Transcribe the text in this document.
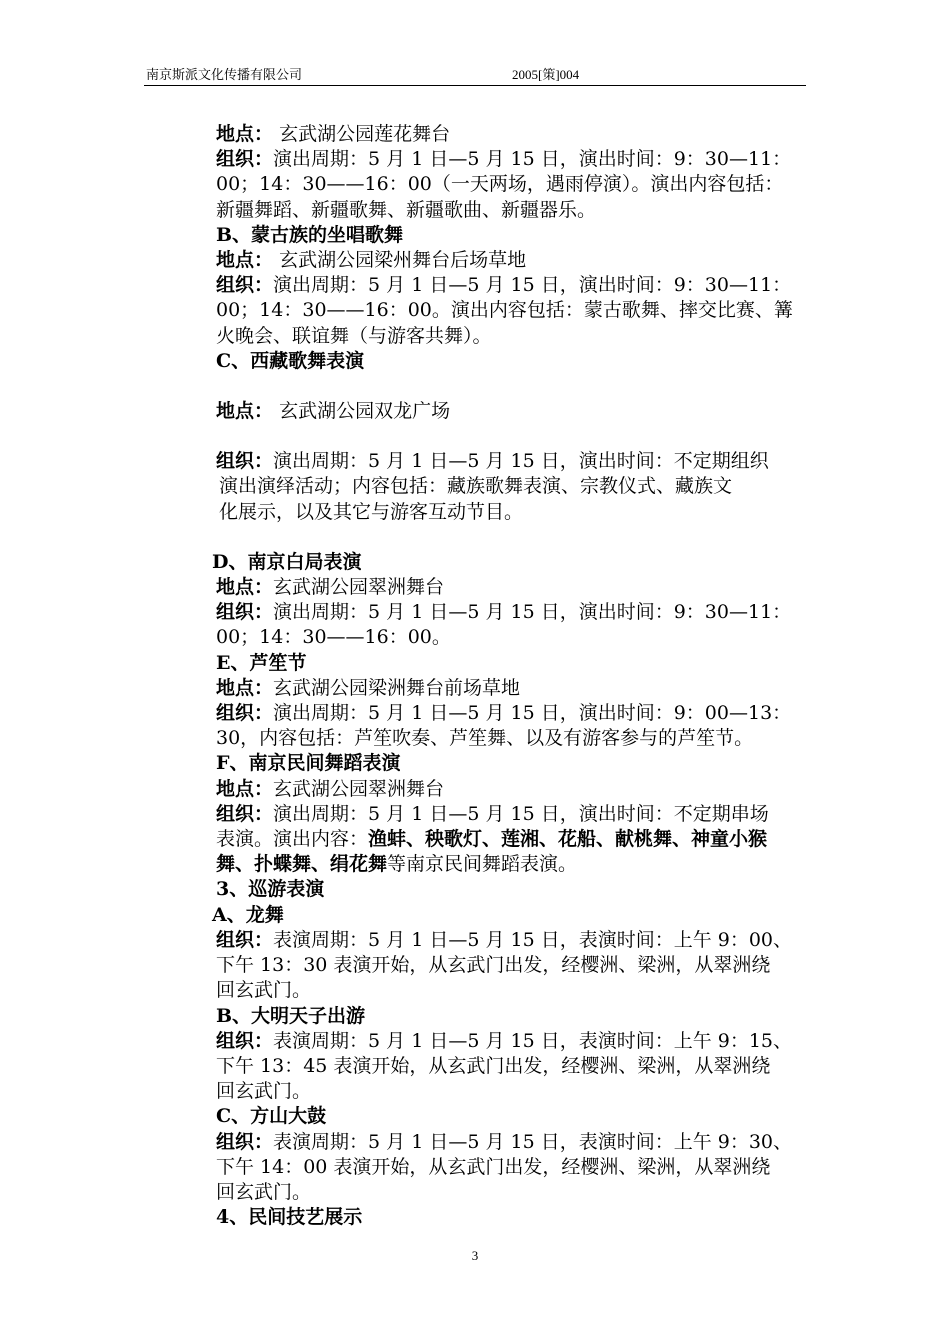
南京斯派文化传播有限公司	2005[策]004

地点： 玄武湖公园莲花舞台

组织：演出周期：5 月 1 日—5 月 15 日，演出时间：9：30—11：

00；14：30——16：00（一天两场，遇雨停演）。演出内容包括：

新疆舞蹈、新疆歌舞、新疆歌曲、新疆器乐。

B、蒙古族的坐唱歌舞

地点： 玄武湖公园梁州舞台后场草地

组织：演出周期：5 月 1 日—5 月 15 日，演出时间：9：30—11：

00；14：30——16：00。演出内容包括：蒙古歌舞、摔交比赛、篝

火晚会、联谊舞（与游客共舞）。

C、西藏歌舞表演

地点： 玄武湖公园双龙广场

组织：演出周期：5 月 1 日—5 月 15 日，演出时间：不定期组织

演出演绎活动；内容包括：藏族歌舞表演、宗教仪式、藏族文

化展示，以及其它与游客互动节目。

D、南京白局表演

地点：玄武湖公园翠洲舞台

组织：演出周期：5 月 1 日—5 月 15 日，演出时间：9：30—11：

00；14：30——16：00。

E、芦笙节

地点：玄武湖公园梁洲舞台前场草地

组织：演出周期：5 月 1 日—5 月 15 日，演出时间：9：00—13：

30，内容包括：芦笙吹奏、芦笙舞、以及有游客参与的芦笙节。

F、南京民间舞蹈表演

地点：玄武湖公园翠洲舞台

组织：演出周期：5 月 1 日—5 月 15 日，演出时间：不定期串场

表演。演出内容：渔蚌、秧歌灯、莲湘、花船、献桃舞、神童小猴

舞、扑蝶舞、绢花舞等南京民间舞蹈表演。

3、巡游表演

A、龙舞

组织：表演周期：5 月 1 日—5 月 15 日，表演时间：上午 9：00、

下午 13：30 表演开始，从玄武门出发，经樱洲、梁洲，从翠洲绕

回玄武门。

B、大明天子出游

组织：表演周期：5 月 1 日—5 月 15 日，表演时间：上午 9：15、

下午 13：45 表演开始，从玄武门出发，经樱洲、梁洲，从翠洲绕

回玄武门。

C、方山大鼓

组织：表演周期：5 月 1 日—5 月 15 日，表演时间：上午 9：30、

下午 14：00 表演开始，从玄武门出发，经樱洲、梁洲，从翠洲绕

回玄武门。

4、民间技艺展示

3
